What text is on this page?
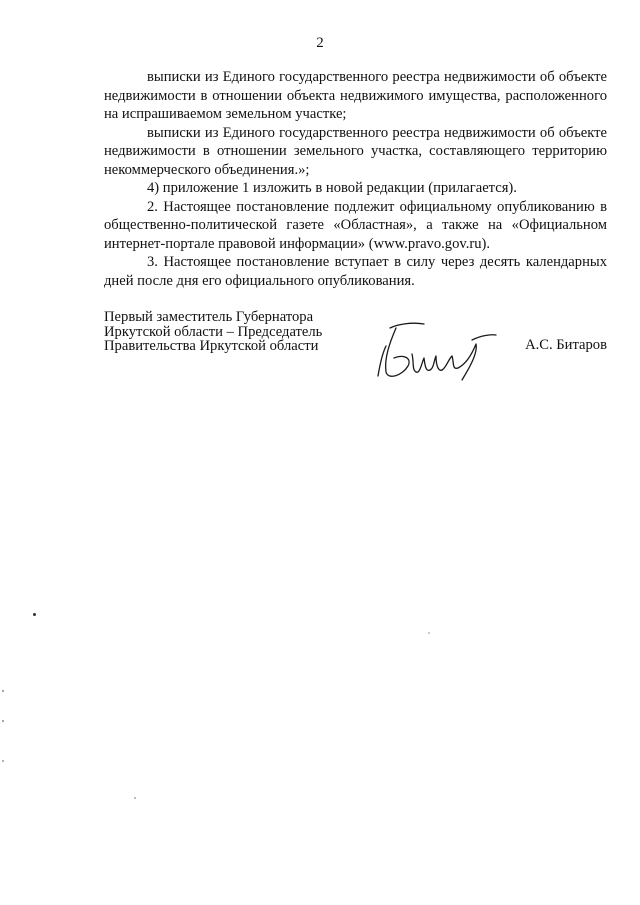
2

выписки из Единого государственного реестра недвижимости об объекте недвижимости в отношении объекта недвижимого имущества, расположенного на испрашиваемом земельном участке;

выписки из Единого государственного реестра недвижимости об объекте недвижимости в отношении земельного участка, составляющего территорию некоммерческого объединения.»;

4) приложение 1 изложить в новой редакции (прилагается).

2. Настоящее постановление подлежит официальному опубликованию в общественно-политической газете «Областная», а также на «Официальном интернет-портале правовой информации» (www.pravo.gov.ru).

3. Настоящее постановление вступает в силу через десять календарных дней после дня его официального опубликования.

Первый заместитель Губернатора
Иркутской области – Председатель
Правительства Иркутской области	А.С. Битаров
